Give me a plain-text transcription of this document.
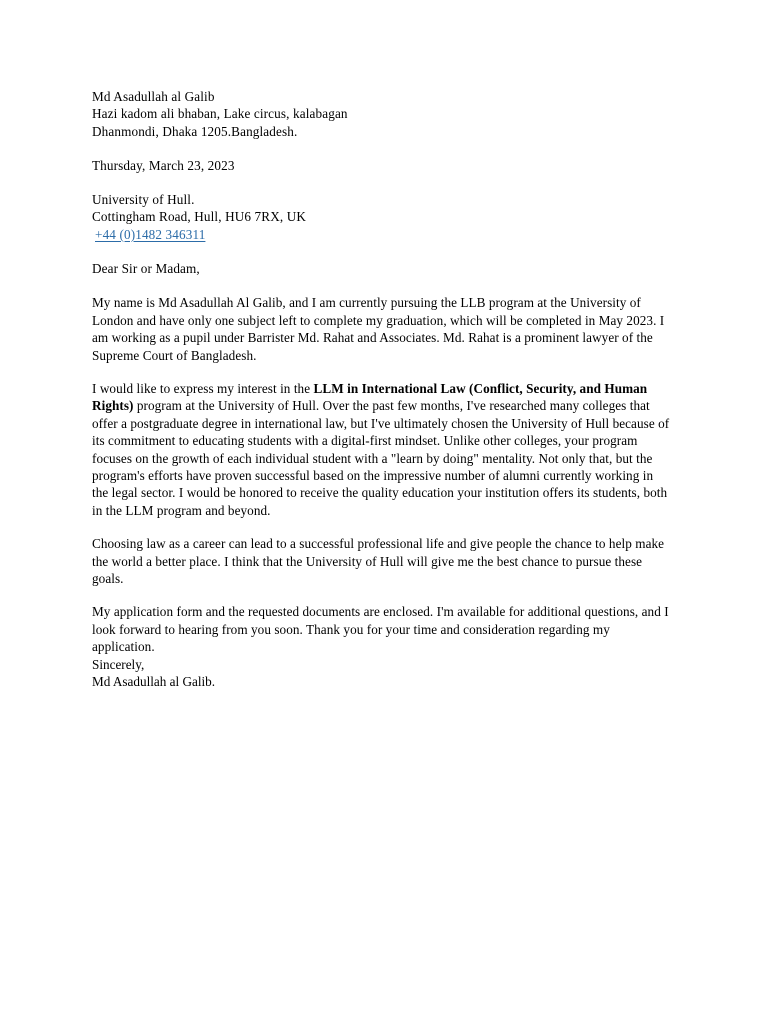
Md Asadullah al Galib
Hazi kadom ali bhaban, Lake circus, kalabagan
Dhanmondi, Dhaka 1205.Bangladesh.
Thursday, March 23, 2023
University of Hull.
Cottingham Road, Hull, HU6 7RX, UK
+44 (0)1482 346311
Dear Sir or Madam,

My name is Md Asadullah Al Galib, and I am currently pursuing the LLB program at the University of London and have only one subject left to complete my graduation, which will be completed in May 2023. I am working as a pupil under Barrister Md. Rahat and Associates. Md. Rahat is a prominent lawyer of the Supreme Court of Bangladesh.

I would like to express my interest in the LLM in International Law (Conflict, Security, and Human Rights) program at the University of Hull. Over the past few months, I've researched many colleges that offer a postgraduate degree in international law, but I've ultimately chosen the University of Hull because of its commitment to educating students with a digital-first mindset. Unlike other colleges, your program focuses on the growth of each individual student with a "learn by doing" mentality. Not only that, but the program's efforts have proven successful based on the impressive number of alumni currently working in the legal sector. I would be honored to receive the quality education your institution offers its students, both in the LLM program and beyond.

Choosing law as a career can lead to a successful professional life and give people the chance to help make the world a better place. I think that the University of Hull will give me the best chance to pursue these goals.

My application form and the requested documents are enclosed. I'm available for additional questions, and I look forward to hearing from you soon. Thank you for your time and consideration regarding my application.

Sincerely,
Md Asadullah al Galib.
